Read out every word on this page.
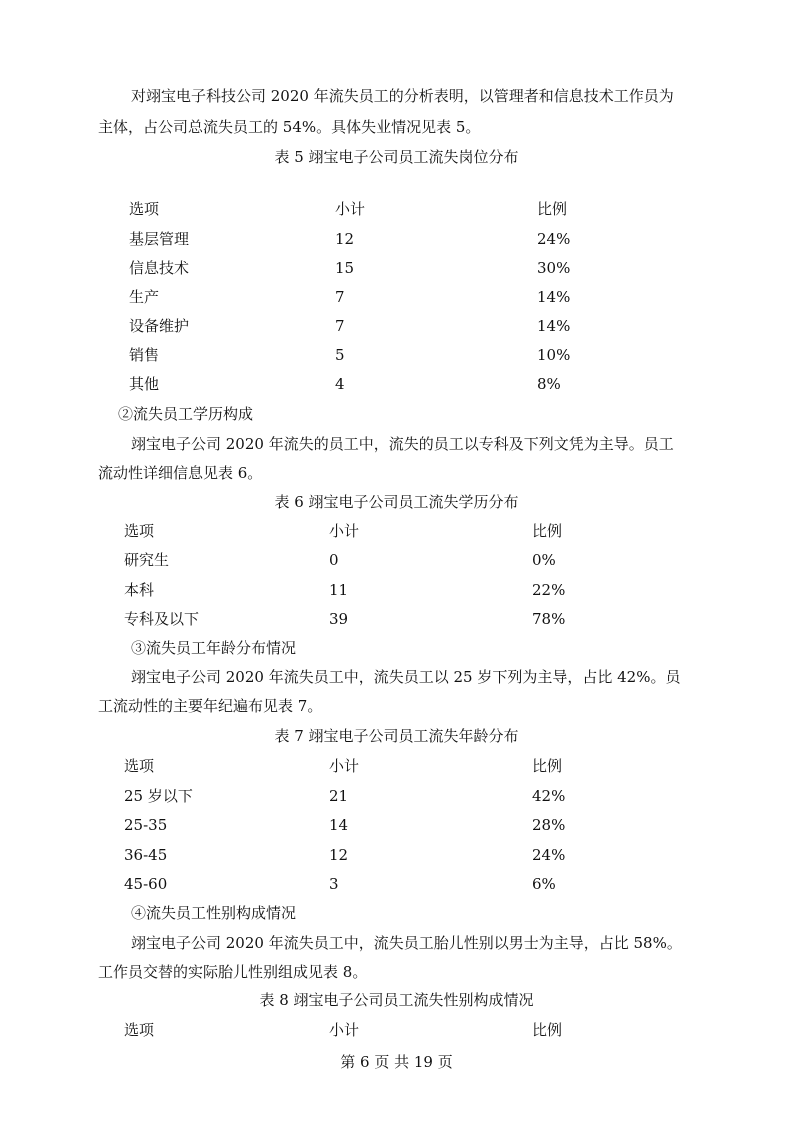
对翊宝电子科技公司 2020 年流失员工的分析表明，以管理者和信息技术工作员为
主体，占公司总流失员工的 54%。具体失业情况见表 5。
表 5 翊宝电子公司员工流失岗位分布
选项	小计	比例
基层管理	12	24%
信息技术	15	30%
生产	7	14%
设备维护	7	14%
销售	5	10%
其他	4	8%
②流失员工学历构成
翊宝电子公司 2020 年流失的员工中，流失的员工以专科及下列文凭为主导。员工
流动性详细信息见表 6。
表 6 翊宝电子公司员工流失学历分布
选项	小计	比例
研究生	0	0%
本科	11	22%
专科及以下	39	78%
③流失员工年龄分布情况
翊宝电子公司 2020 年流失员工中，流失员工以 25 岁下列为主导，占比 42%。员
工流动性的主要年纪遍布见表 7。
表 7 翊宝电子公司员工流失年龄分布
选项	小计	比例
25 岁以下	21	42%
25-35	14	28%
36-45	12	24%
45-60	3	6%
④流失员工性别构成情况
翊宝电子公司 2020 年流失员工中，流失员工胎儿性别以男士为主导，占比 58%。
工作员交替的实际胎儿性别组成见表 8。
表 8 翊宝电子公司员工流失性别构成情况
选项	小计	比例
第 6 页 共 19 页
